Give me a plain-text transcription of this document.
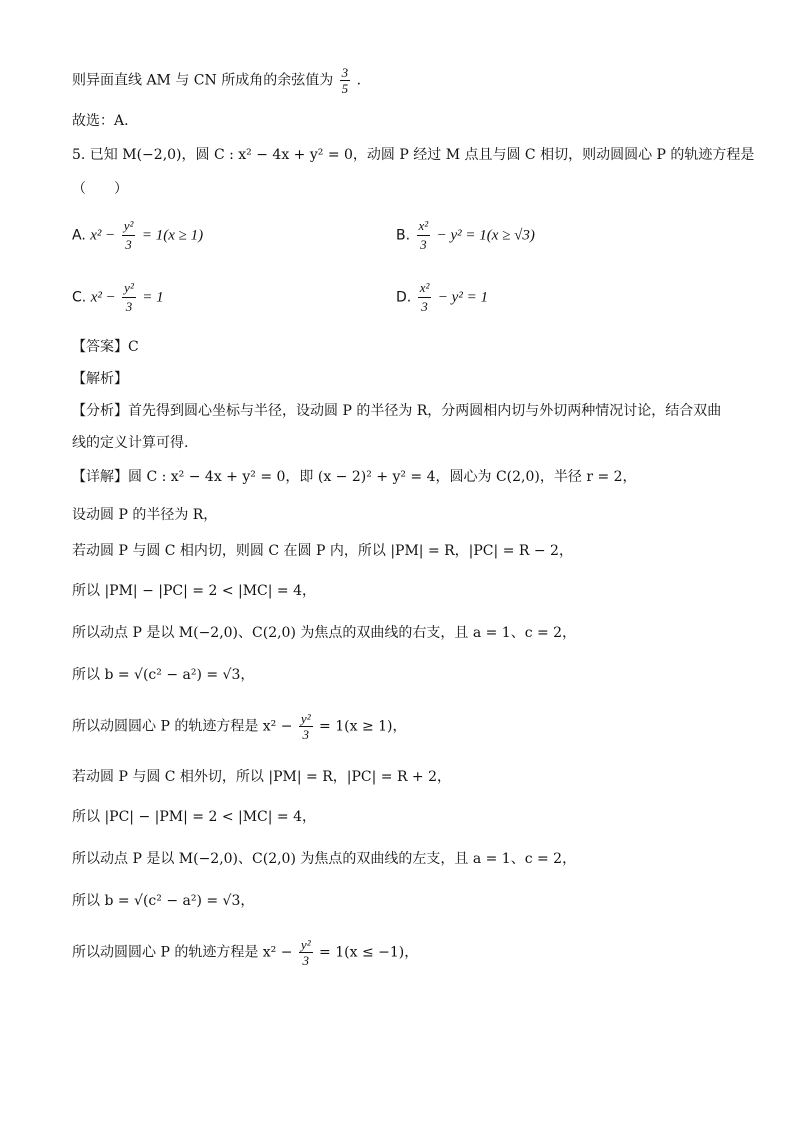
则异面直线 AM 与 CN 所成角的余弦值为 $\frac{3}{5}$ .
故选：A.
5. 已知 M(−2,0)，圆 C : x² − 4x + y² = 0，动圆 P 经过 M 点且与圆 C 相切，则动圆圆心 P 的轨迹方程是
（　　）
A. $x^2 - \frac{\text{y²}}{3} = 1(x \ge 1)$	B. $\frac{\text{x²}}{3} - y^2 = 1(x \ge √3)$
C. $x^2 - \frac{\text{y²}}{3} = 1$	D. $\frac{\text{x²}}{3} - y^2 = 1$
【答案】C
【解析】
【分析】首先得到圆心坐标与半径，设动圆 P 的半径为 R，分两圆相内切与外切两种情况讨论，结合双曲
线的定义计算可得.
【详解】圆 C : x² − 4x + y² = 0，即 (x − 2)² + y² = 4，圆心为 C(2,0)，半径 r = 2，
设动圆 P 的半径为 R，
若动圆 P 与圆 C 相内切，则圆 C 在圆 P 内，所以 |PM| = R，|PC| = R − 2，
所以 |PM| − |PC| = 2 < |MC| = 4，
所以动点 P 是以 M(−2,0)、C(2,0) 为焦点的双曲线的右支，且 a = 1、c = 2，
所以 b = √(c² − a²) = √3，
所以动圆圆心 P 的轨迹方程是 $x^2 - \frac{\text{y²}}{3} = 1(x \ge 1)$，
若动圆 P 与圆 C 相外切，所以 |PM| = R，|PC| = R + 2，
所以 |PC| − |PM| = 2 < |MC| = 4，
所以动点 P 是以 M(−2,0)、C(2,0) 为焦点的双曲线的左支，且 a = 1、c = 2，
所以 b = √(c² − a²) = √3，
所以动圆圆心 P 的轨迹方程是 $x^2 - \frac{\text{y²}}{3} = 1(x \le -1)$，
